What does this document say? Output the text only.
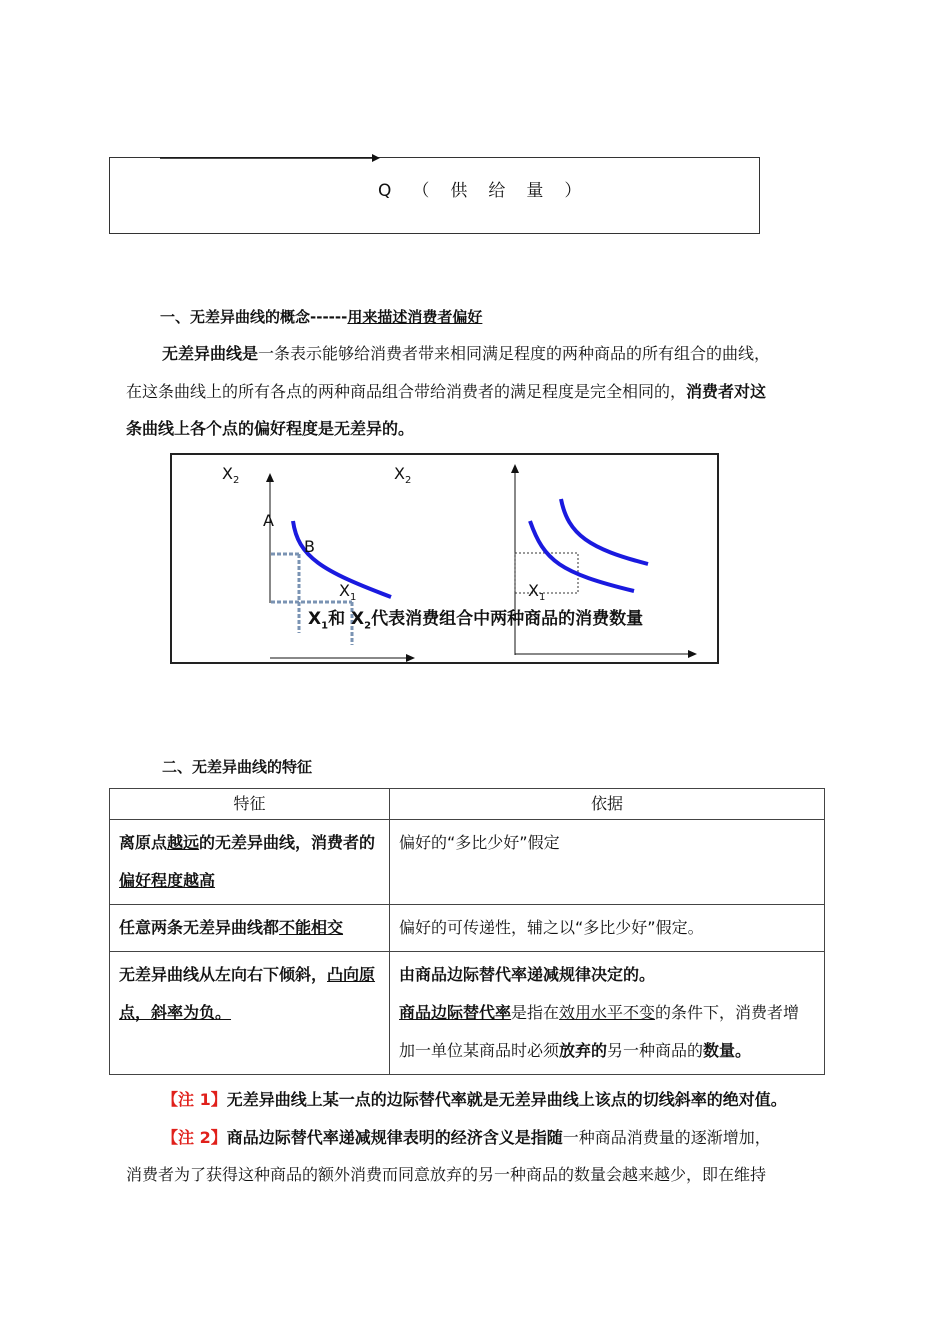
Q（供给量）
一、无差异曲线的概念------用来描述消费者偏好
无差异曲线是一条表示能够给消费者带来相同满足程度的两种商品的所有组合的曲线，
在这条曲线上的所有各点的两种商品组合带给消费者的满足程度是完全相同的，消费者对这
条曲线上各个点的偏好程度是无差异的。
$X_2$	$X_2$
A
B
$X_1$	$X_1$
$X_1$和 $X_2$代表消费组合中两种商品的消费数量
二、无差异曲线的特征
特征	依据
离原点越远的无差异曲线，消费者的偏好程度越高	偏好的“多比少好”假定
任意两条无差异曲线都不能相交	偏好的可传递性，辅之以“多比少好”假定。
无差异曲线从左向右下倾斜，凸向原点，斜率为负。	由商品边际替代率递减规律决定的。
商品边际替代率是指在效用水平不变的条件下，消费者增加一单位某商品时必须放弃的另一种商品的数量。
【注 1】无差异曲线上某一点的边际替代率就是无差异曲线上该点的切线斜率的绝对值。
【注 2】商品边际替代率递减规律表明的经济含义是指随一种商品消费量的逐渐增加，
消费者为了获得这种商品的额外消费而同意放弃的另一种商品的数量会越来越少，即在维持
